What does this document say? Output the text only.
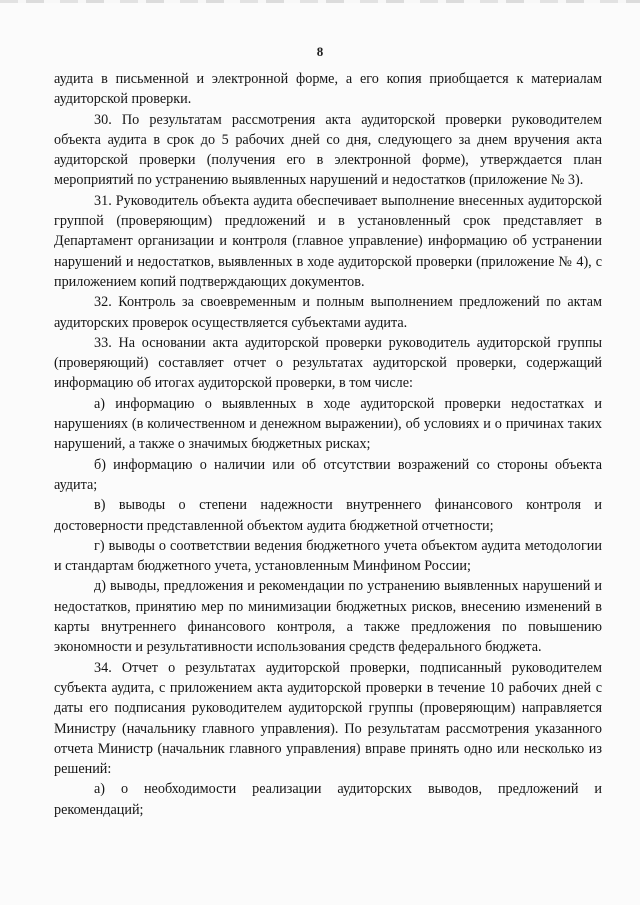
8

аудита в письменной и электронной форме, а его копия приобщается к материалам аудиторской проверки.

30. По результатам рассмотрения акта аудиторской проверки руководителем объекта аудита в срок до 5 рабочих дней со дня, следующего за днем вручения акта аудиторской проверки (получения его в электронной форме), утверждается план мероприятий по устранению выявленных нарушений и недостатков (приложение № 3).

31. Руководитель объекта аудита обеспечивает выполнение внесенных аудиторской группой (проверяющим) предложений и в установленный срок представляет в Департамент организации и контроля (главное управление) информацию об устранении нарушений и недостатков, выявленных в ходе аудиторской проверки (приложение № 4), с приложением копий подтверждающих документов.

32. Контроль за своевременным и полным выполнением предложений по актам аудиторских проверок осуществляется субъектами аудита.

33. На основании акта аудиторской проверки руководитель аудиторской группы (проверяющий) составляет отчет о результатах аудиторской проверки, содержащий информацию об итогах аудиторской проверки, в том числе:

а) информацию о выявленных в ходе аудиторской проверки недостатках и нарушениях (в количественном и денежном выражении), об условиях и о причинах таких нарушений, а также о значимых бюджетных рисках;

б) информацию о наличии или об отсутствии возражений со стороны объекта аудита;

в) выводы о степени надежности внутреннего финансового контроля и достоверности представленной объектом аудита бюджетной отчетности;

г) выводы о соответствии ведения бюджетного учета объектом аудита методологии и стандартам бюджетного учета, установленным Минфином России;

д) выводы, предложения и рекомендации по устранению выявленных нарушений и недостатков, принятию мер по минимизации бюджетных рисков, внесению изменений в карты внутреннего финансового контроля, а также предложения по повышению экономности и результативности использования средств федерального бюджета.

34. Отчет о результатах аудиторской проверки, подписанный руководителем субъекта аудита, с приложением акта аудиторской проверки в течение 10 рабочих дней с даты его подписания руководителем аудиторской группы (проверяющим) направляется Министру (начальнику главного управления). По результатам рассмотрения указанного отчета Министр (начальник главного управления) вправе принять одно или несколько из решений:

а) о необходимости реализации аудиторских выводов, предложений и рекомендаций;
